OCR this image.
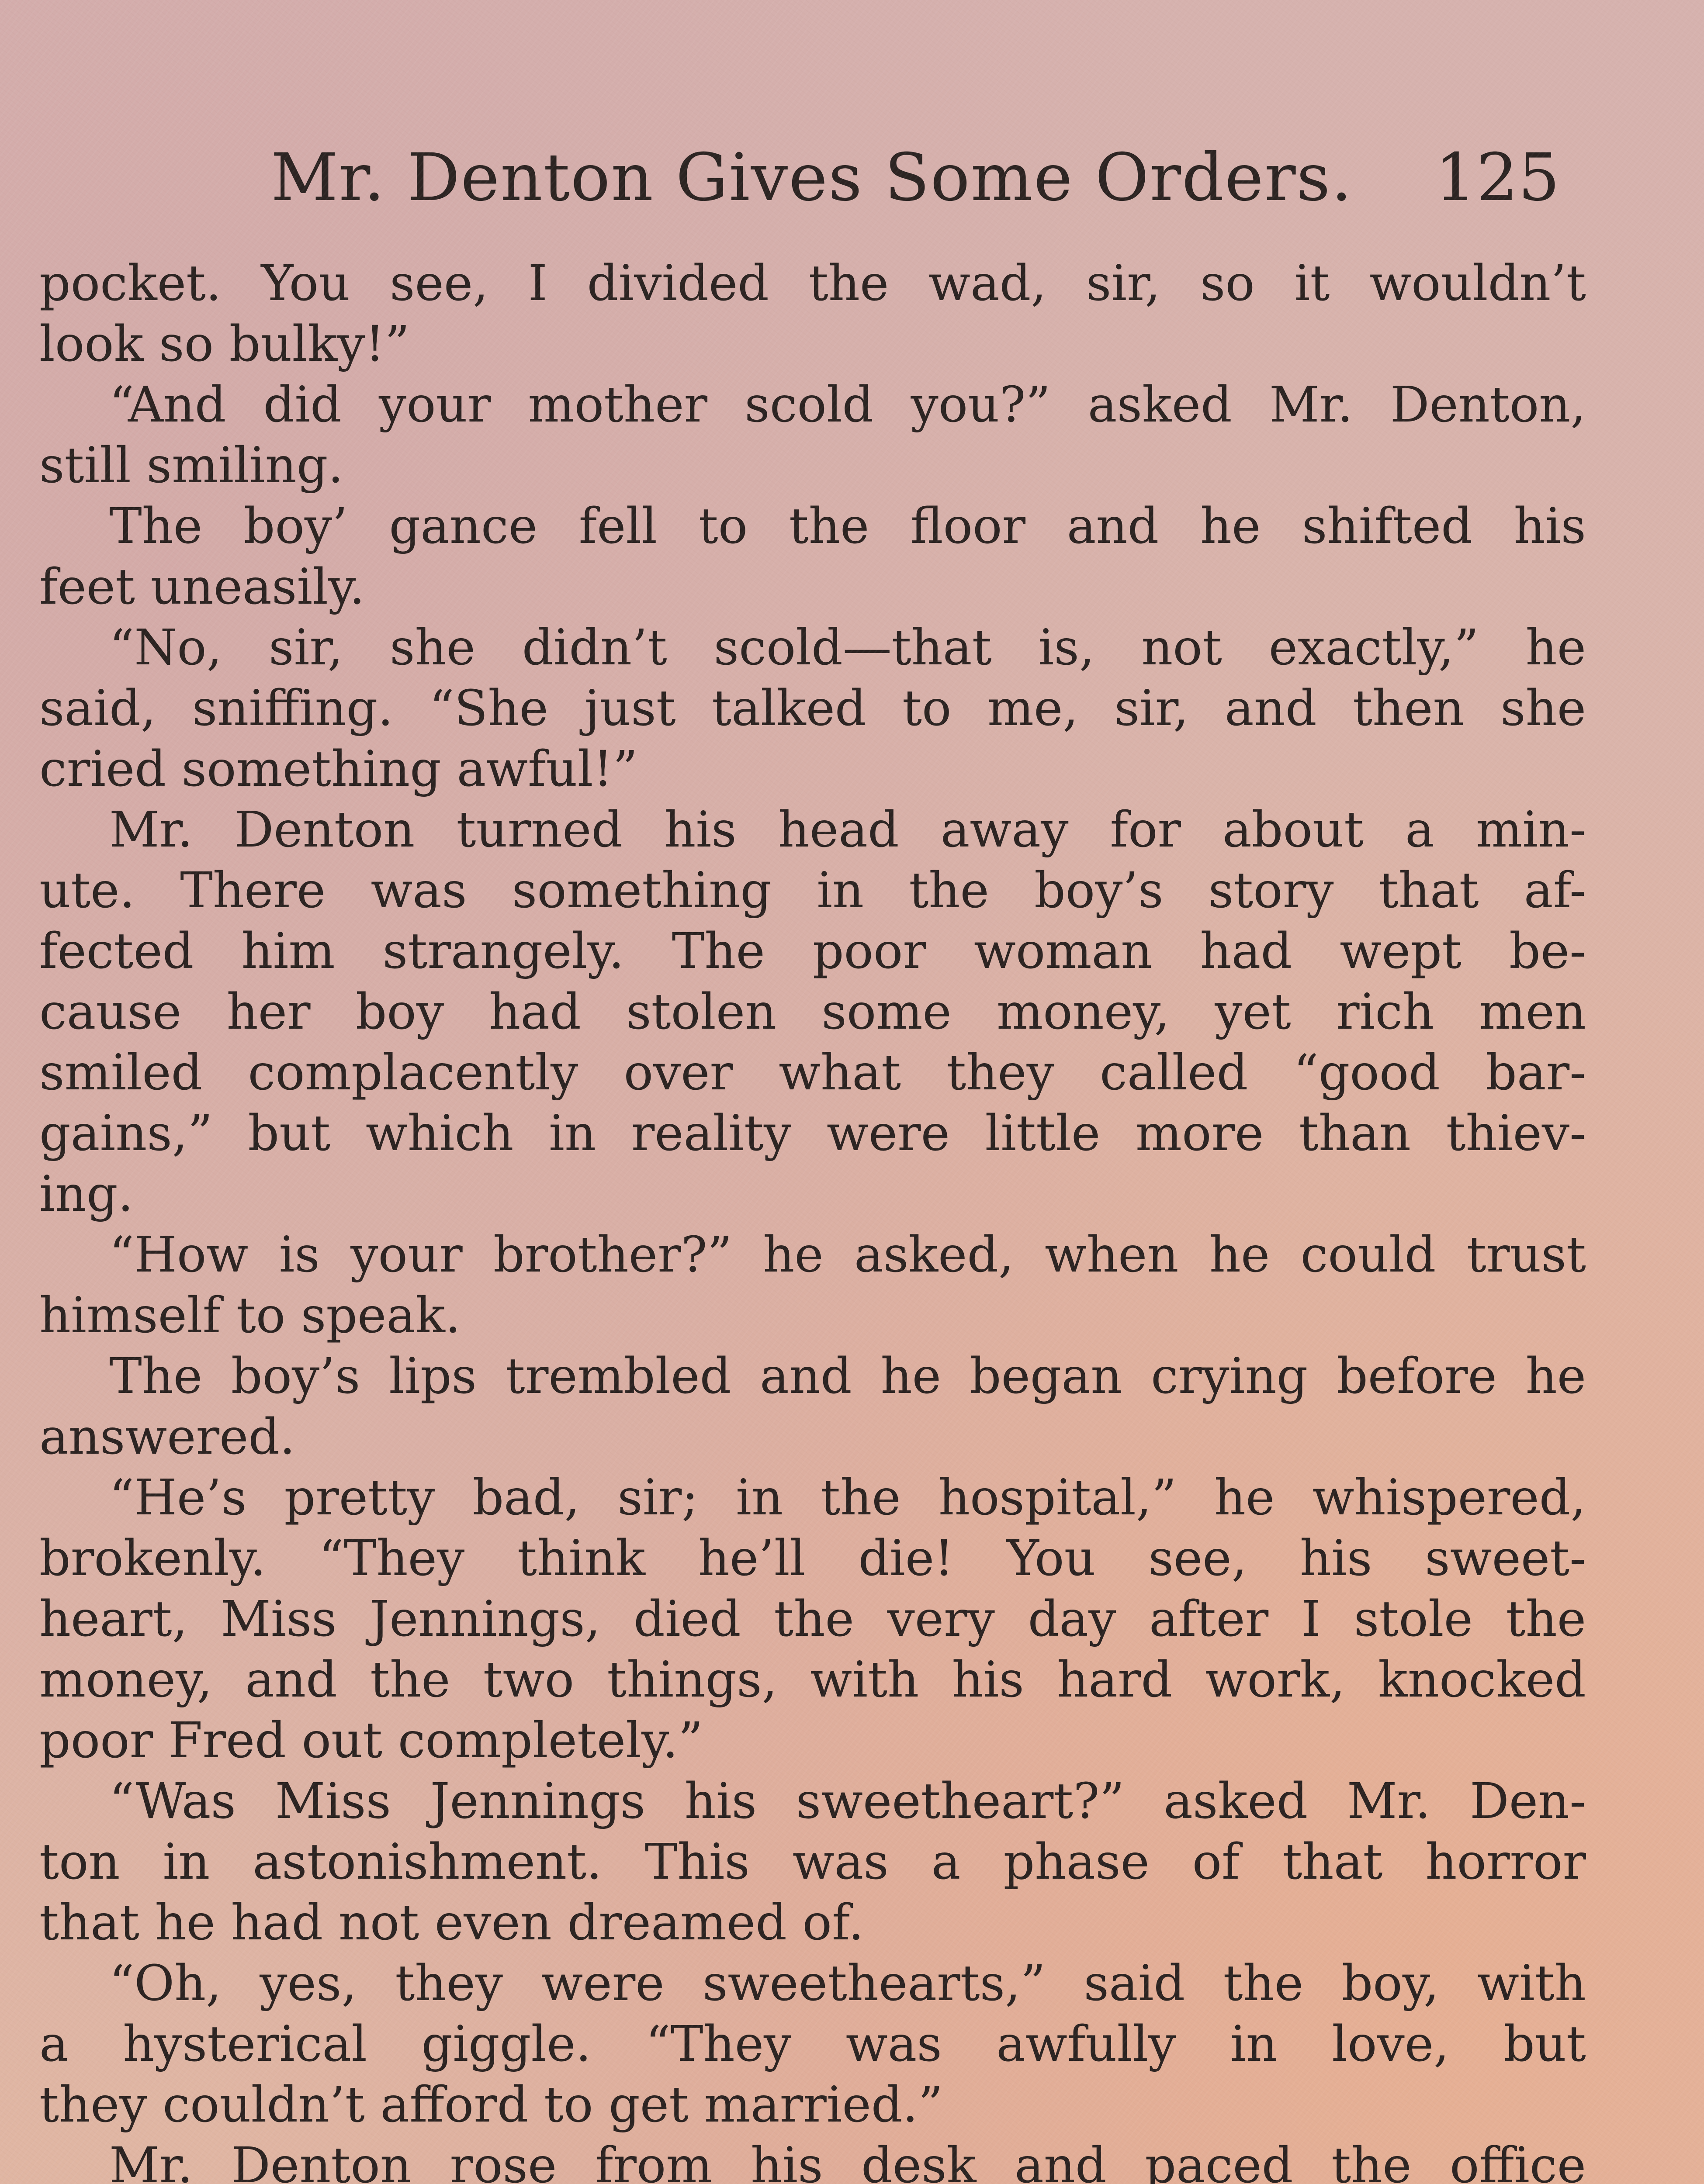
Mr. Denton Gives Some Orders. 125
pocket. You see, I divided the wad, sir, so it wouldn’t
look so bulky!”
“And did your mother scold you?” asked Mr. Denton,
still smiling.
The boy’ gance fell to the floor and he shifted his
feet uneasily.
“No, sir, she didn’t scold—that is, not exactly,” he
said, sniffing. “She just talked to me, sir, and then she
cried something awful!”
Mr. Denton turned his head away for about a min-
ute. There was something in the boy’s story that af-
fected him strangely. The poor woman had wept be-
cause her boy had stolen some money, yet rich men
smiled complacently over what they called “good bar-
gains,” but which in reality were little more than thiev-
ing.
“How is your brother?” he asked, when he could trust
himself to speak.
The boy’s lips trembled and he began crying before he
answered.
“He’s pretty bad, sir; in the hospital,” he whispered,
brokenly. “They think he’ll die! You see, his sweet-
heart, Miss Jennings, died the very day after I stole the
money, and the two things, with his hard work, knocked
poor Fred out completely.”
“Was Miss Jennings his sweetheart?” asked Mr. Den-
ton in astonishment. This was a phase of that horror
that he had not even dreamed of.
“Oh, yes, they were sweethearts,” said the boy, with
a hysterical giggle. “They was awfully in love, but
they couldn’t afford to get married.”
Mr. Denton rose from his desk and paced the office
